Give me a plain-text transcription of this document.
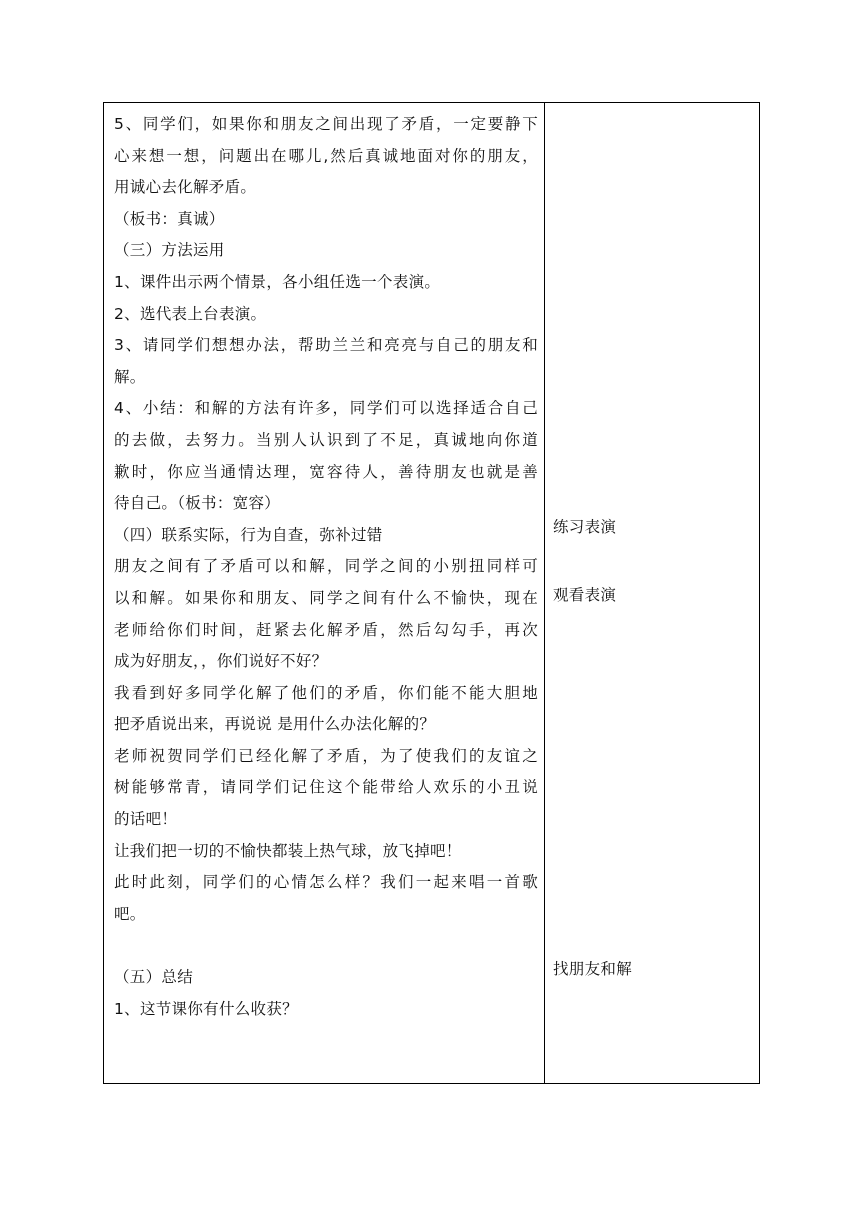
5、同学们，如果你和朋友之间出现了矛盾，一定要静下
心来想一想，问题出在哪儿,然后真诚地面对你的朋友，
用诚心去化解矛盾。
（板书：真诚）
（三）方法运用
1、课件出示两个情景，各小组任选一个表演。
2、选代表上台表演。
3、请同学们想想办法，帮助兰兰和亮亮与自己的朋友和
解。
4、小结：和解的方法有许多，同学们可以选择适合自己
的去做，去努力。当别人认识到了不足，真诚地向你道
歉时，你应当通情达理，宽容待人，善待朋友也就是善
待自己。（板书：宽容）
（四）联系实际，行为自查，弥补过错
朋友之间有了矛盾可以和解，同学之间的小别扭同样可
以和解。如果你和朋友、同学之间有什么不愉快，现在
老师给你们时间，赶紧去化解矛盾，然后勾勾手，再次
成为好朋友，，你们说好不好？
我看到好多同学化解了他们的矛盾，你们能不能大胆地
把矛盾说出来，再说说 是用什么办法化解的？
老师祝贺同学们已经化解了矛盾，为了使我们的友谊之
树能够常青，请同学们记住这个能带给人欢乐的小丑说
的话吧！
让我们把一切的不愉快都装上热气球，放飞掉吧！
此时此刻，同学们的心情怎么样？我们一起来唱一首歌
吧。
（五）总结
1、这节课你有什么收获？
练习表演
观看表演
找朋友和解
